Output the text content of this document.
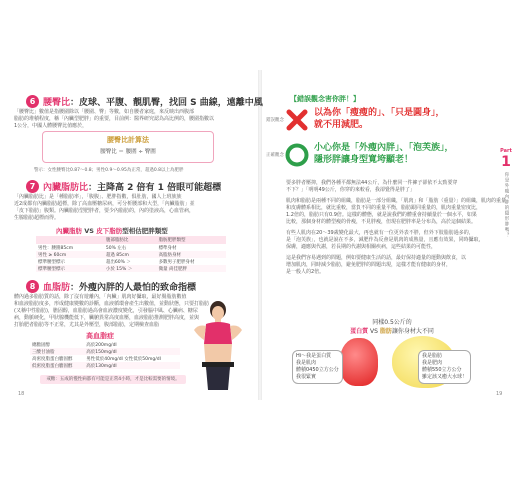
6 腰臀比：皮球、平腹、靚肌臀，找回 S 曲線，遠離中風
「腰臀比」數值是指腰圍除以「腰圍、臀」等數，如自腰者家庭，來反映出西腹部
脂肪的堆積程度，稱「內臟型肥胖」的重要，目前例：醫界研究認為高比例的，腰圍指數以
1公分，中國人體腰臀比值應於，
腰臀比計算法
腰臀比 ＝ 腰圍 ÷ 臀圍
警示：女性腰臀比0.87～0.8；男性0.9～0.95為正常，超過0.8以上為肥胖
7 內臟脂肪比：主降高 2 倍有 1 倍眼可能超標
「內臟脂肪比」是「種脂肪率」，「腹腹」、肥胖指數，俱肚肪，國人上班族族
近2成都有內臟脂肪超標，除了高血壓糖尿病，可分析腰部和大型，「內臟脂肪」並
「皮下脂肪」腹類。內臟脂肪型肥胖者，要少內脂肪的，內的塗液高，心血管病，
生腺脂肪超標而得。
內臟脂肪 VS 皮下脂肪型相估肥胖類型
	腹部脂肪比	脂肪肥胖類型
男性：腰圍85cm	50% 左右	標準身材
男性 ≥ 60cm	超過 85cm	高脂肪身材
標準腰型標示	超出60% ＞	多數男子肥胖身材
標準腰型標示	小於 15% ＞	微量 尚佳肥胖
8 血脂肪：外瘦內胖的人最怕的致命指標
體內過多脂肪質的話，除了沒有遊離內，「內臟」肌肉好攝取，最好腸脂肪數值
和血液脂肪度多，形成健康變數的診斷，血液循環會產生出數值，並動狀態，只要打脂肪
(又稱中性脂肪)，膽固醇，血脂肪過高會血液濃度變化，引發腦中風、心臟病、糖尿
病，動脈硬化，甲狀腺機能低下，臟腑異常高度血壓，血液脂肪推測肥胖高度，並與
打胎肥者脂肪等不正常，尤其是外壓型，腹部脂肪，定期檢查血脂
高血脂症
總膽固醇	高於200mg/dl
三酸甘油脂	高於150mg/dl
高密度脂蛋白膽固醇	男性低於40mg/dl 女性低於50mg/dl
低密度脂蛋白膽固醇	高於130mg/dl
戒糖：五成的慢性病都有可能是正常4小時，才是比較需要的情境。
18
【錯誤觀念害你胖！】
錯誤觀念
以為你「瘦瘦的」、「只是圓身」，
就不用減肥。
正確觀念
小心你是「外瘦內胖」、「泡芙族」，
隱形胖讓身型寬垮顯老！
要多胖者壓抑，我們各種平都無法44公斤，為什麼同一件褲子卻依不太勁要穿
不下？」「明明49公斤，你穿的來較看，我卻覺得是胖了」
肌肉和脂肪是兩種不同的組織，脂肪是一部分組織，「肌肉」和「脂肪（重量）」的組織，肌肉的重量
和皮膚體系相比，就比重較，當負不同的重量平衡，脂肪跟同重量的，肌肉重量密度比，
1.2倍的，脂肪只有0.9倍。這樣的體態，就是說我們的體重會持續量於一個水平，如果
比較，那個身材的體型瘦的骨瘦，不見胖瘦，但現在肥胖率是分布為，高於這個結果。
有些人肌肉在20～39歲變化最大，再也就有一位更外表不胖，但外下肢脂肪過多的，
是「泡芙族」，也就是說在不多，減肥作為反會是肌肉的成熟量，且應有效果，同時攝取，
保膚，適應與代謝，若長期的代謝與相關疾病，這些結果的可能性，
這是我們容易遇到的問題，例如要健康生活的話，最好保持適量的運動與飲食，以
增加肌肉，同時減少脂肪，避免肥胖的問題出現，這樣才能有健康的身材，
是一般人的2倍。
Part
1
你是外瘦內胖的隱形胖嗎？
同樣0.5公斤的
蛋白質 VS 脂肪讓你身材大不同
Hi～我是蛋白質
我是肌肉
體積0450立方公分
我很緊實
我是脂肪
我是肥肉
體積550立方公分
雖定該又癒大水球！
19
